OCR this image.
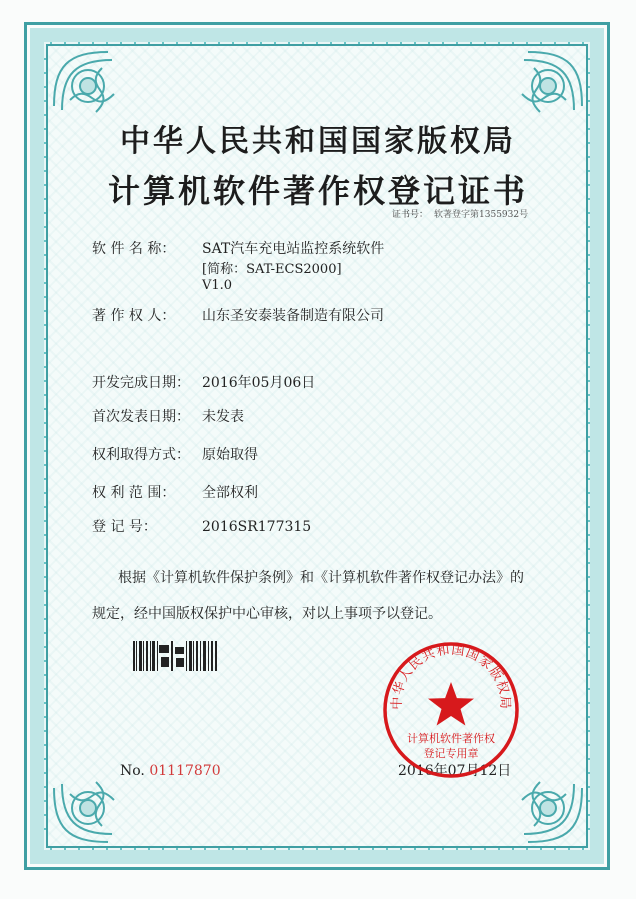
中华人民共和国国家版权局
计算机软件著作权登记证书
证书号： 软著登字第1355932号
软 件 名 称： SAT汽车充电站监控系统软件
[简称：SAT-ECS2000]
V1.0
著 作 权 人： 山东圣安泰装备制造有限公司
开发完成日期： 2016年05月06日
首次发表日期： 未发表
权利取得方式： 原始取得
权 利 范 围： 全部权利
登 记 号：	2016SR177315
根据《计算机软件保护条例》和《计算机软件著作权登记办法》的
规定，经中国版权保护中心审核，对以上事项予以登记。
No. 01117870	2016年07月12日
中华人民共和国国家版权局
计算机软件著作权
登记专用章
